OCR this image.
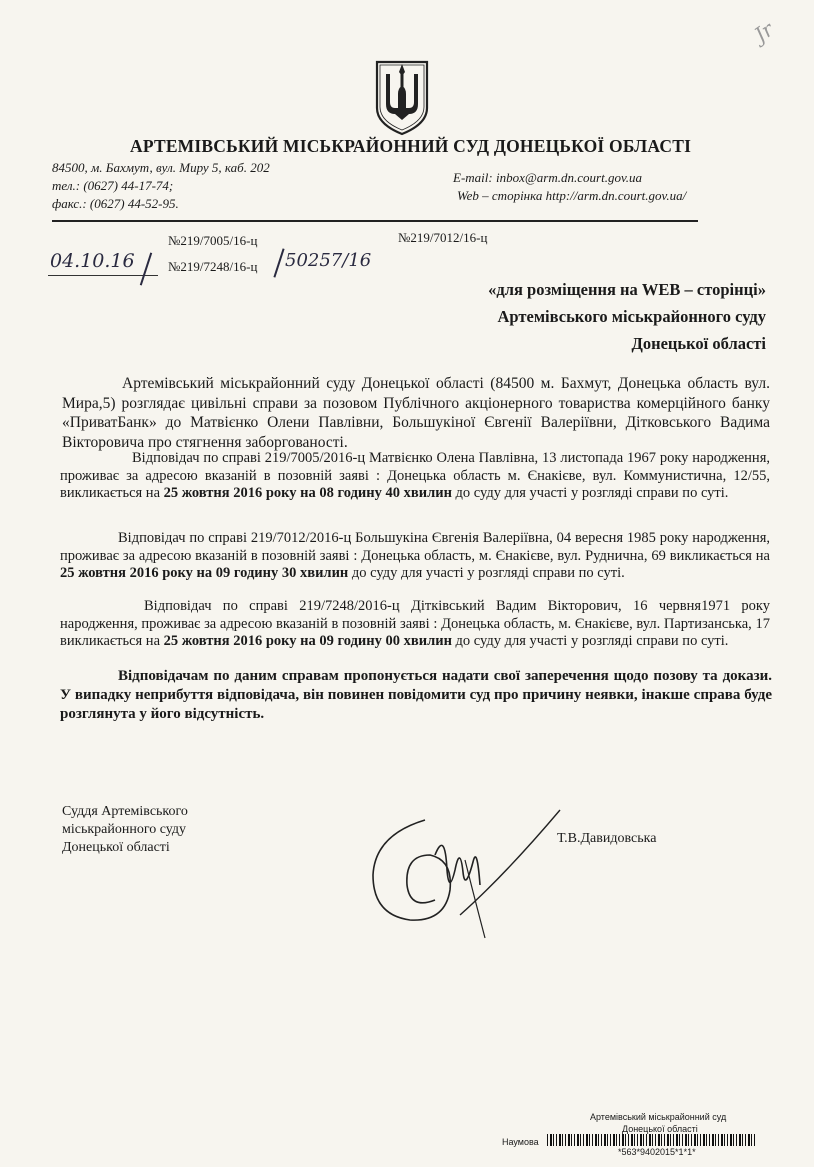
Jr
АРТЕМІВСЬКИЙ МІСЬКРАЙОННИЙ СУД ДОНЕЦЬКОЇ ОБЛАСТІ
84500, м. Бахмут, вул. Миру 5, каб. 202
тел.: (0627) 44-17-74;
факс.: (0627) 44-52-95.
E-mail: inbox@arm.dn.court.gov.ua
Web – сторінка http://arm.dn.court.gov.ua/
№219/7005/16-ц	№219/7012/16-ц
№219/7248/16-ц
04.10.16	50257/16
«для розміщення на WEB – сторінці»
Артемівського міськрайонного суду
Донецької області
Артемівський міськрайонний суду Донецької області (84500 м. Бахмут, Донецька область вул. Мира,5) розглядає цивільні справи за позовом Публічного акціонерного товариства комерційного банку «ПриватБанк» до Матвієнко Олени Павлівни, Большукіної Євгенії Валеріївни, Дітковського Вадима Вікторовича про стягнення заборгованості.
Відповідач по справі 219/7005/2016-ц Матвієнко Олена Павлівна, 13 листопада 1967 року народження, проживає за адресою вказаній в позовній заяві : Донецька область м. Єнакієве, вул. Коммунистична, 12/55, викликається на 25 жовтня 2016 року на 08 годину 40 хвилин до суду для участі у розгляді справи по суті.
Відповідач по справі 219/7012/2016-ц Большукіна Євгенія Валеріївна, 04 вересня 1985 року народження, проживає за адресою вказаній в позовній заяві : Донецька область, м. Єнакієве, вул. Руднична, 69 викликається на 25 жовтня 2016 року на 09 годину 30 хвилин до суду для участі у розгляді справи по суті.
Відповідач по справі 219/7248/2016-ц Дітківський Вадим Вікторович, 16 червня1971 року народження, проживає за адресою вказаній в позовній заяві : Донецька область, м. Єнакієве, вул. Партизанська, 17 викликається на 25 жовтня 2016 року на 09 годину 00 хвилин до суду для участі у розгляді справи по суті.
Відповідачам по даним справам пропонується надати свої заперечення щодо позову та докази. У випадку неприбуття відповідача, він повинен повідомити суд про причину неявки, інакше справа буде розглянута у його відсутність.
Суддя Артемівського
міськрайонного суду
Донецької області
Т.В.Давидовська
Артемівський міськрайонний суд
Донецької області
Наумова
*563*9402015*1*1*
